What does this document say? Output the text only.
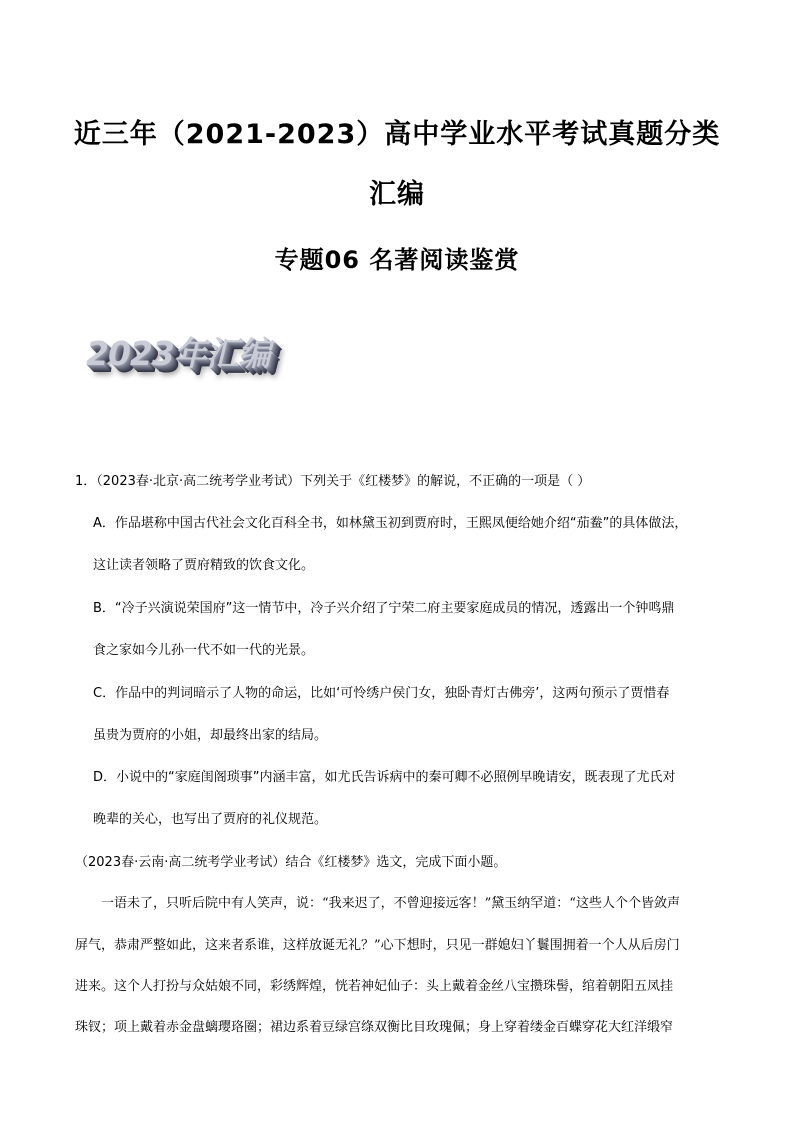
近三年（2021-2023）高中学业水平考试真题分类
汇编
专题06 名著阅读鉴赏
2023年汇编
1．（2023春·北京·高二统考学业考试）下列关于《红楼梦》的解说，不正确的一项是（ ）
A．作品堪称中国古代社会文化百科全书，如林黛玉初到贾府时，王熙凤便给她介绍“茄鲞”的具体做法，
这让读者领略了贾府精致的饮食文化。
B．“冷子兴演说荣国府”这一情节中，冷子兴介绍了宁荣二府主要家庭成员的情况，透露出一个钟鸣鼎
食之家如今儿孙一代不如一代的光景。
C．作品中的判词暗示了人物的命运，比如‘可怜绣户侯门女，独卧青灯古佛旁’，这两句预示了贾惜春
虽贵为贾府的小姐，却最终出家的结局。
D．小说中的“家庭闺阁琐事”内涵丰富，如尤氏告诉病中的秦可卿不必照例早晚请安，既表现了尤氏对
晚辈的关心，也写出了贾府的礼仪规范。
（2023春·云南·高二统考学业考试）结合《红楼梦》选文，完成下面小题。
一语未了，只听后院中有人笑声，说：“我来迟了，不曾迎接远客！”黛玉纳罕道：“这些人个个皆敛声
屏气，恭肃严整如此，这来者系谁，这样放诞无礼？”心下想时，只见一群媳妇丫鬟围拥着一个人从后房门
进来。这个人打扮与众姑娘不同，彩绣辉煌，恍若神妃仙子：头上戴着金丝八宝攒珠髻，绾着朝阳五凤挂
珠钗；项上戴着赤金盘螭璎珞圈；裙边系着豆绿宫绦双衡比目玫瑰佩；身上穿着缕金百蝶穿花大红洋缎窄
